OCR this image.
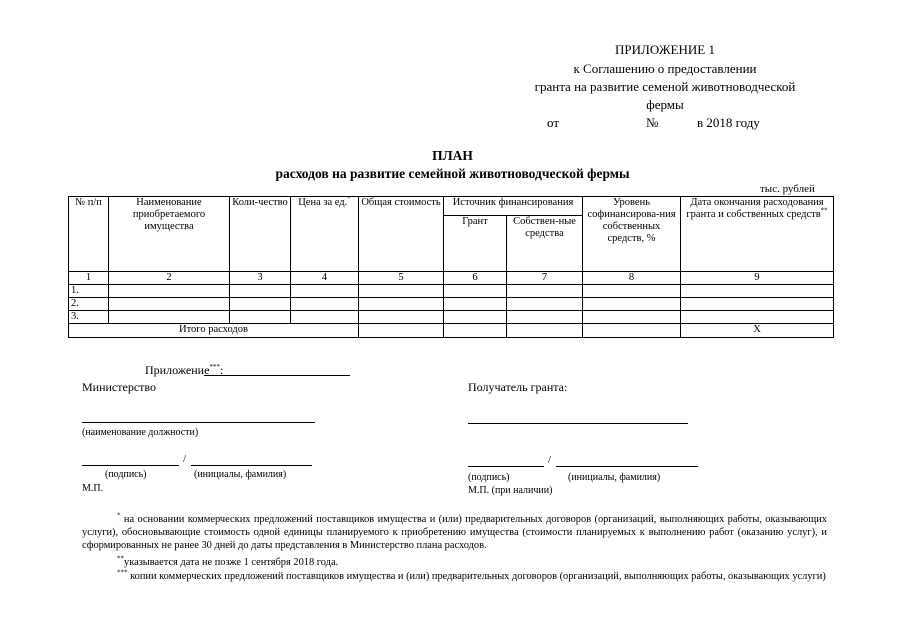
ПРИЛОЖЕНИЕ 1
к Соглашению о предоставлении
гранта на развитие семеной животноводческой
фермы
от	№	в 2018 году
ПЛАН
расходов на развитие семейной животноводческой фермы
тыс. рублей
№ п/п	Наименование приобретаемого имущества	Коли-чество	Цена за ед.*	Общая стоимость	Источник финансирования		Уровень софинансирова-ния собственных средств, %	Дата окончания расходования гранта и собственных средств**
					Грант	Собствен-ные средства		
1	2	3	4	5	6	7	8	9
1.								
2.								
3.								
Итого расходов								X
Приложение***:
Министерство
(наименование должности)
/
(подпись)	(инициалы, фамилия)
М.П.
Получатель гранта:
/
(подпись)	(инициалы, фамилия)
М.П. (при наличии)
* на основании коммерческих предложений поставщиков имущества и (или) предварительных договоров (организаций, выполняющих работы, оказывающих услуги), обосновывающие стоимость одной единицы планируемого к приобретению имущества (стоимости планируемых к выполнению работ (оказанию услуг), и сформированных не ранее 30 дней до даты представления в Министерство плана расходов.
**указывается дата не позже 1 сентября 2018 года.
*** копии коммерческих предложений поставщиков имущества и (или) предварительных договоров (организаций, выполняющих работы, оказывающих услуги)
